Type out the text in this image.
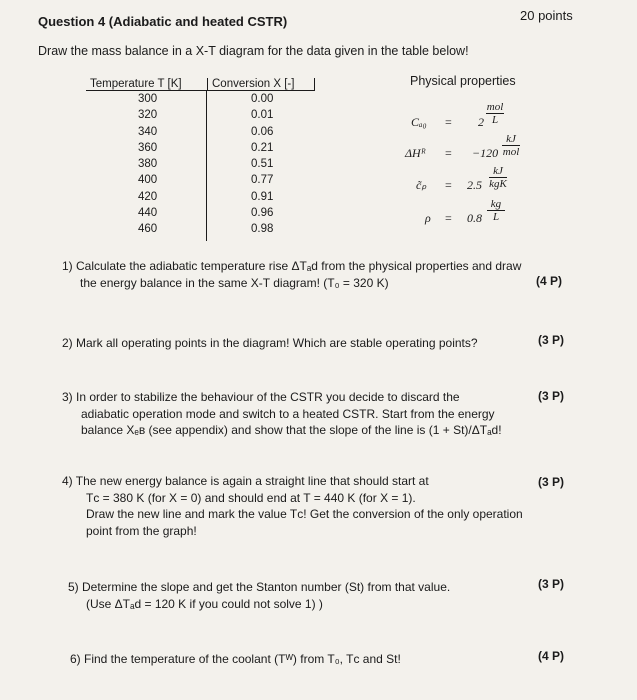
Question 4 (Adiabatic and heated CSTR)	20 points
Draw the mass balance in a X-T diagram for the data given in the table below!
Temperature T [K]	Conversion X [-]
300	0.00
320	0.01
340	0.06
360	0.21
380	0.51
400	0.77
420	0.91
440	0.96
460	0.98
Physical properties
Cₐ₀ = 2
mol
L
ΔHᴿ = −120
kJ
mol
c̃ₚ = 2.5
kJ
kgK
ρ = 0.8
kg
L
1) Calculate the adiabatic temperature rise ΔTₐd from the physical properties and draw
the energy balance in the same X-T diagram! (T₀ = 320 K)	(4 P)
2) Mark all operating points in the diagram! Which are stable operating points?	(3 P)
3) In order to stabilize the behaviour of the CSTR you decide to discard the
adiabatic operation mode and switch to a heated CSTR. Start from the energy
balance Xₑʙ (see appendix) and show that the slope of the line is (1 + St)/ΔTₐd!
(3 P)
4) The new energy balance is again a straight line that should start at
Tᴄ = 380 K (for X = 0) and should end at T = 440 K (for X = 1).
Draw the new line and mark the value Tᴄ! Get the conversion of the only operation
point from the graph!
(3 P)
5) Determine the slope and get the Stanton number (St) from that value.
(Use ΔTₐd = 120 K if you could not solve 1) )
(3 P)
6) Find the temperature of the coolant (Tᵂ) from T₀, Tᴄ and St!	(4 P)
